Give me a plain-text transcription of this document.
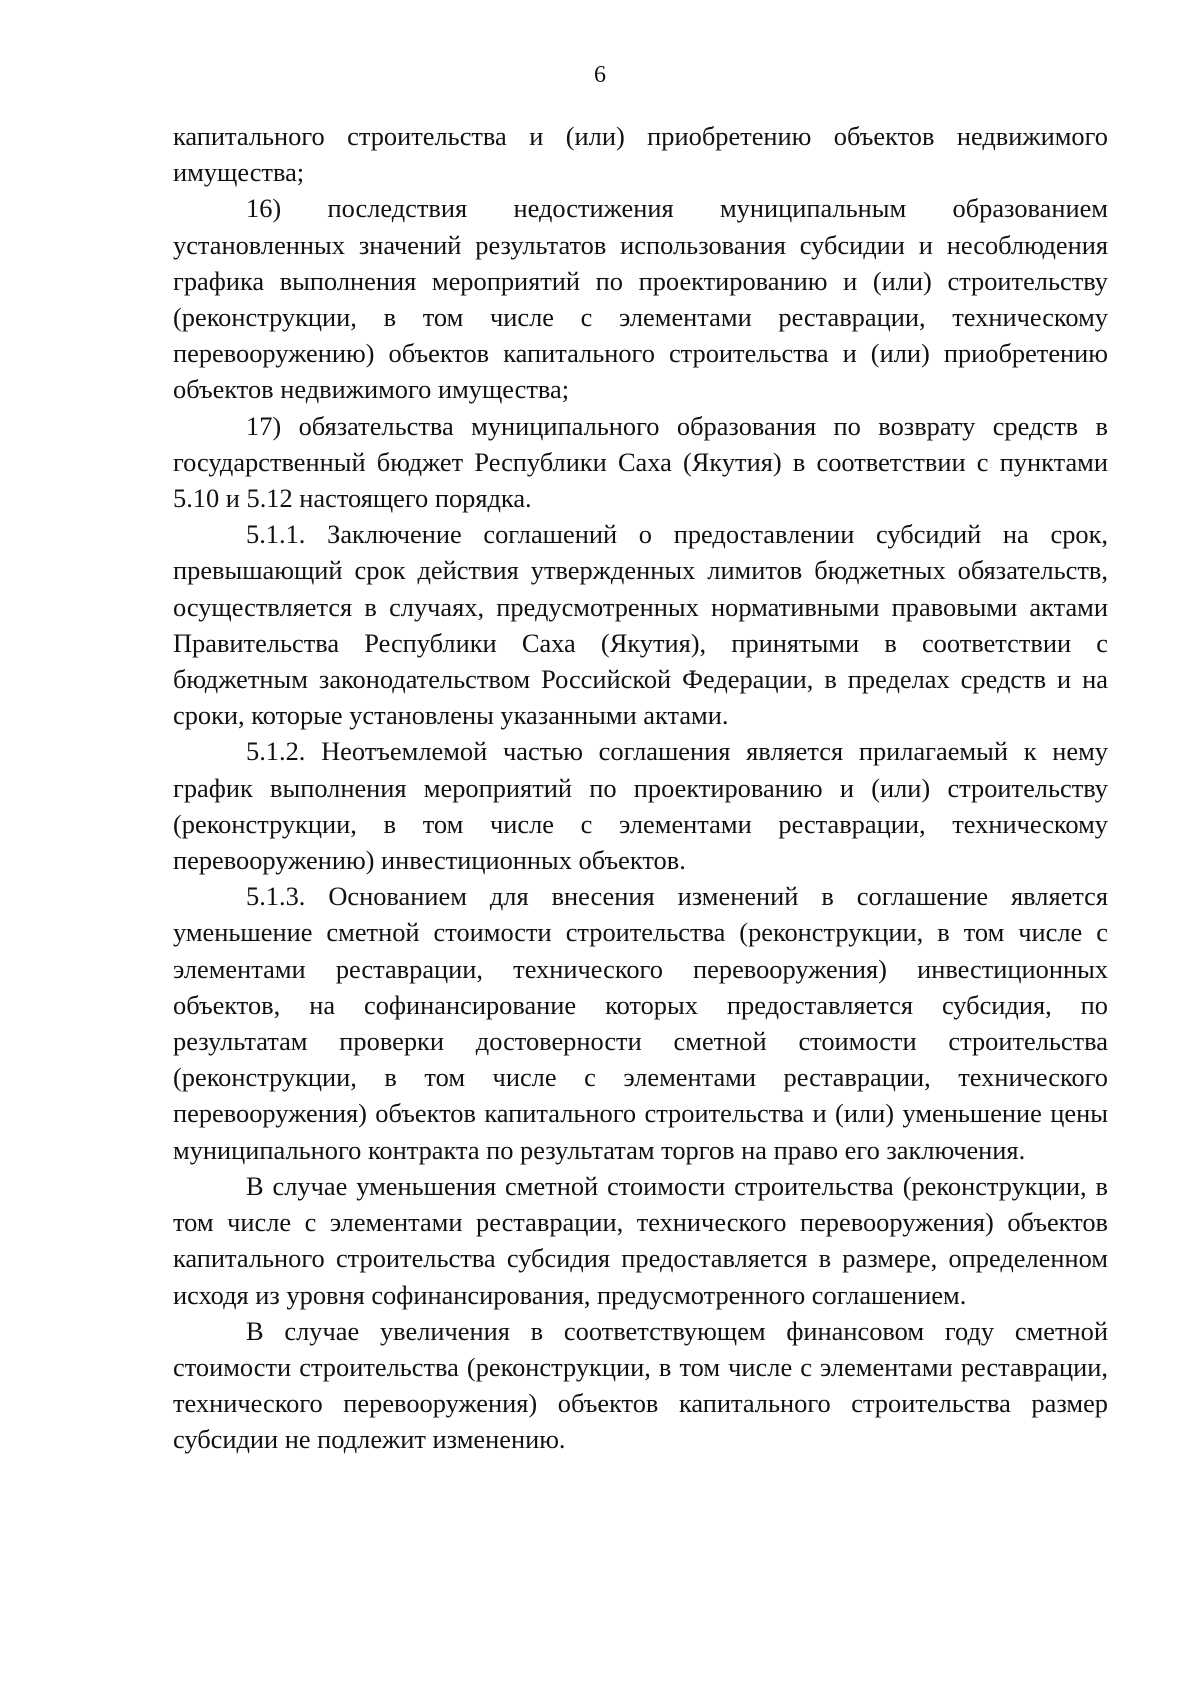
6

капитального строительства и (или) приобретению объектов недвижимого имущества;

16) последствия недостижения муниципальным образованием установленных значений результатов использования субсидии и несоблюдения графика выполнения мероприятий по проектированию и (или) строительству (реконструкции, в том числе с элементами реставрации, техническому перевооружению) объектов капитального строительства и (или) приобретению объектов недвижимого имущества;

17) обязательства муниципального образования по возврату средств в государственный бюджет Республики Саха (Якутия) в соответствии с пунктами 5.10 и 5.12 настоящего порядка.

5.1.1. Заключение соглашений о предоставлении субсидий на срок, превышающий срок действия утвержденных лимитов бюджетных обязательств, осуществляется в случаях, предусмотренных нормативными правовыми актами Правительства Республики Саха (Якутия), принятыми в соответствии с бюджетным законодательством Российской Федерации, в пределах средств и на сроки, которые установлены указанными актами.

5.1.2. Неотъемлемой частью соглашения является прилагаемый к нему график выполнения мероприятий по проектированию и (или) строительству (реконструкции, в том числе с элементами реставрации, техническому перевооружению) инвестиционных объектов.

5.1.3. Основанием для внесения изменений в соглашение является уменьшение сметной стоимости строительства (реконструкции, в том числе с элементами реставрации, технического перевооружения) инвестиционных объектов, на софинансирование которых предоставляется субсидия, по результатам проверки достоверности сметной стоимости строительства (реконструкции, в том числе с элементами реставрации, технического перевооружения) объектов капитального строительства и (или) уменьшение цены муниципального контракта по результатам торгов на право его заключения.

В случае уменьшения сметной стоимости строительства (реконструкции, в том числе с элементами реставрации, технического перевооружения) объектов капитального строительства субсидия предоставляется в размере, определенном исходя из уровня софинансирования, предусмотренного соглашением.

В случае увеличения в соответствующем финансовом году сметной стоимости строительства (реконструкции, в том числе с элементами реставрации, технического перевооружения) объектов капитального строительства размер субсидии не подлежит изменению.
